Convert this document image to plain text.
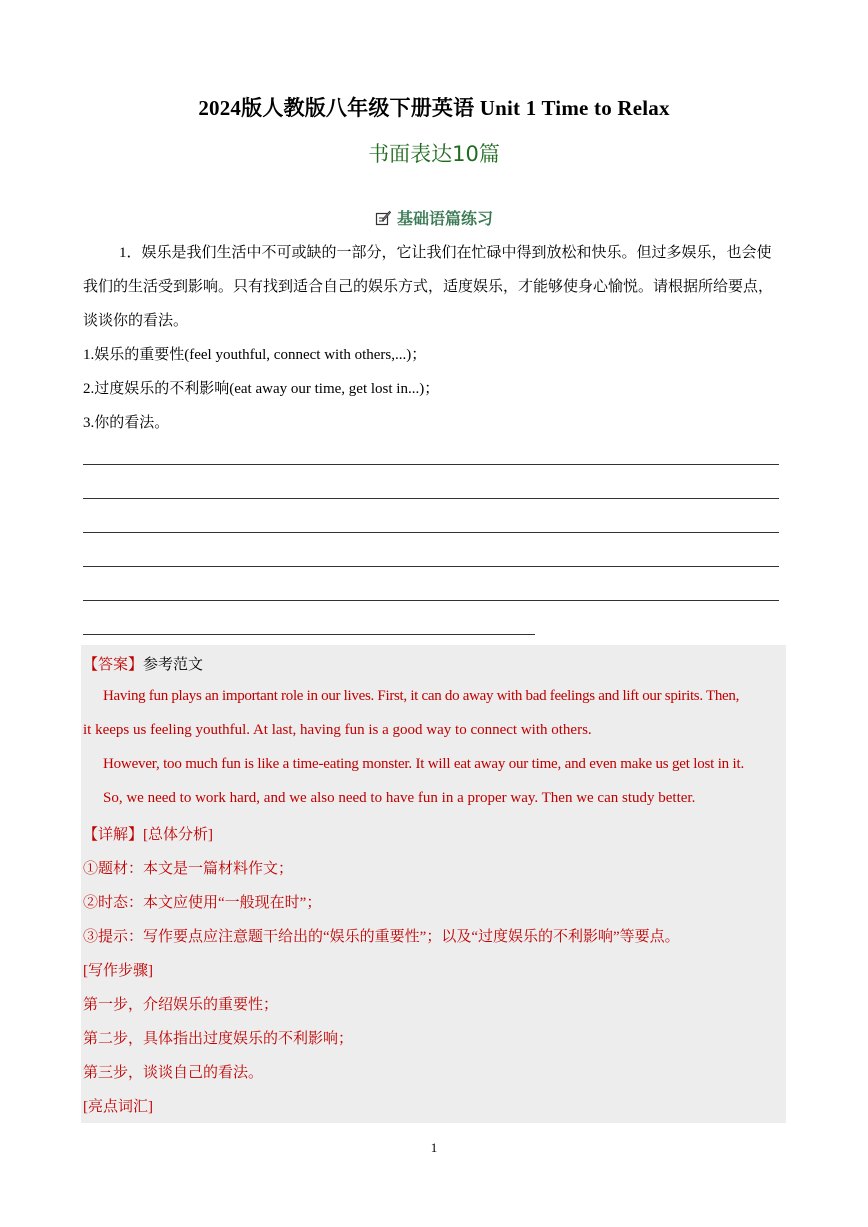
2024版人教版八年级下册英语 Unit 1 Time to Relax
书面表达10篇
基础语篇练习
1．娱乐是我们生活中不可或缺的一部分，它让我们在忙碌中得到放松和快乐。但过多娱乐，也会使
我们的生活受到影响。只有找到适合自己的娱乐方式，适度娱乐，才能够使身心愉悦。请根据所给要点，
谈谈你的看法。
1.娱乐的重要性(feel youthful, connect with others,...)；
2.过度娱乐的不利影响(eat away our time, get lost in...)；
3.你的看法。
【答案】参考范文
Having fun plays an important role in our lives. First, it can do away with bad feelings and lift our spirits. Then,
it keeps us feeling youthful. At last, having fun is a good way to connect with others.
However, too much fun is like a time-eating monster. It will eat away our time, and even make us get lost in it.
So, we need to work hard, and we also need to have fun in a proper way. Then we can study better.
【详解】[总体分析]
①题材：本文是一篇材料作文；
②时态：本文应使用“一般现在时”；
③提示：写作要点应注意题干给出的“娱乐的重要性”；以及“过度娱乐的不利影响”等要点。
[写作步骤]
第一步，介绍娱乐的重要性；
第二步，具体指出过度娱乐的不利影响；
第三步，谈谈自己的看法。
[亮点词汇]
1
